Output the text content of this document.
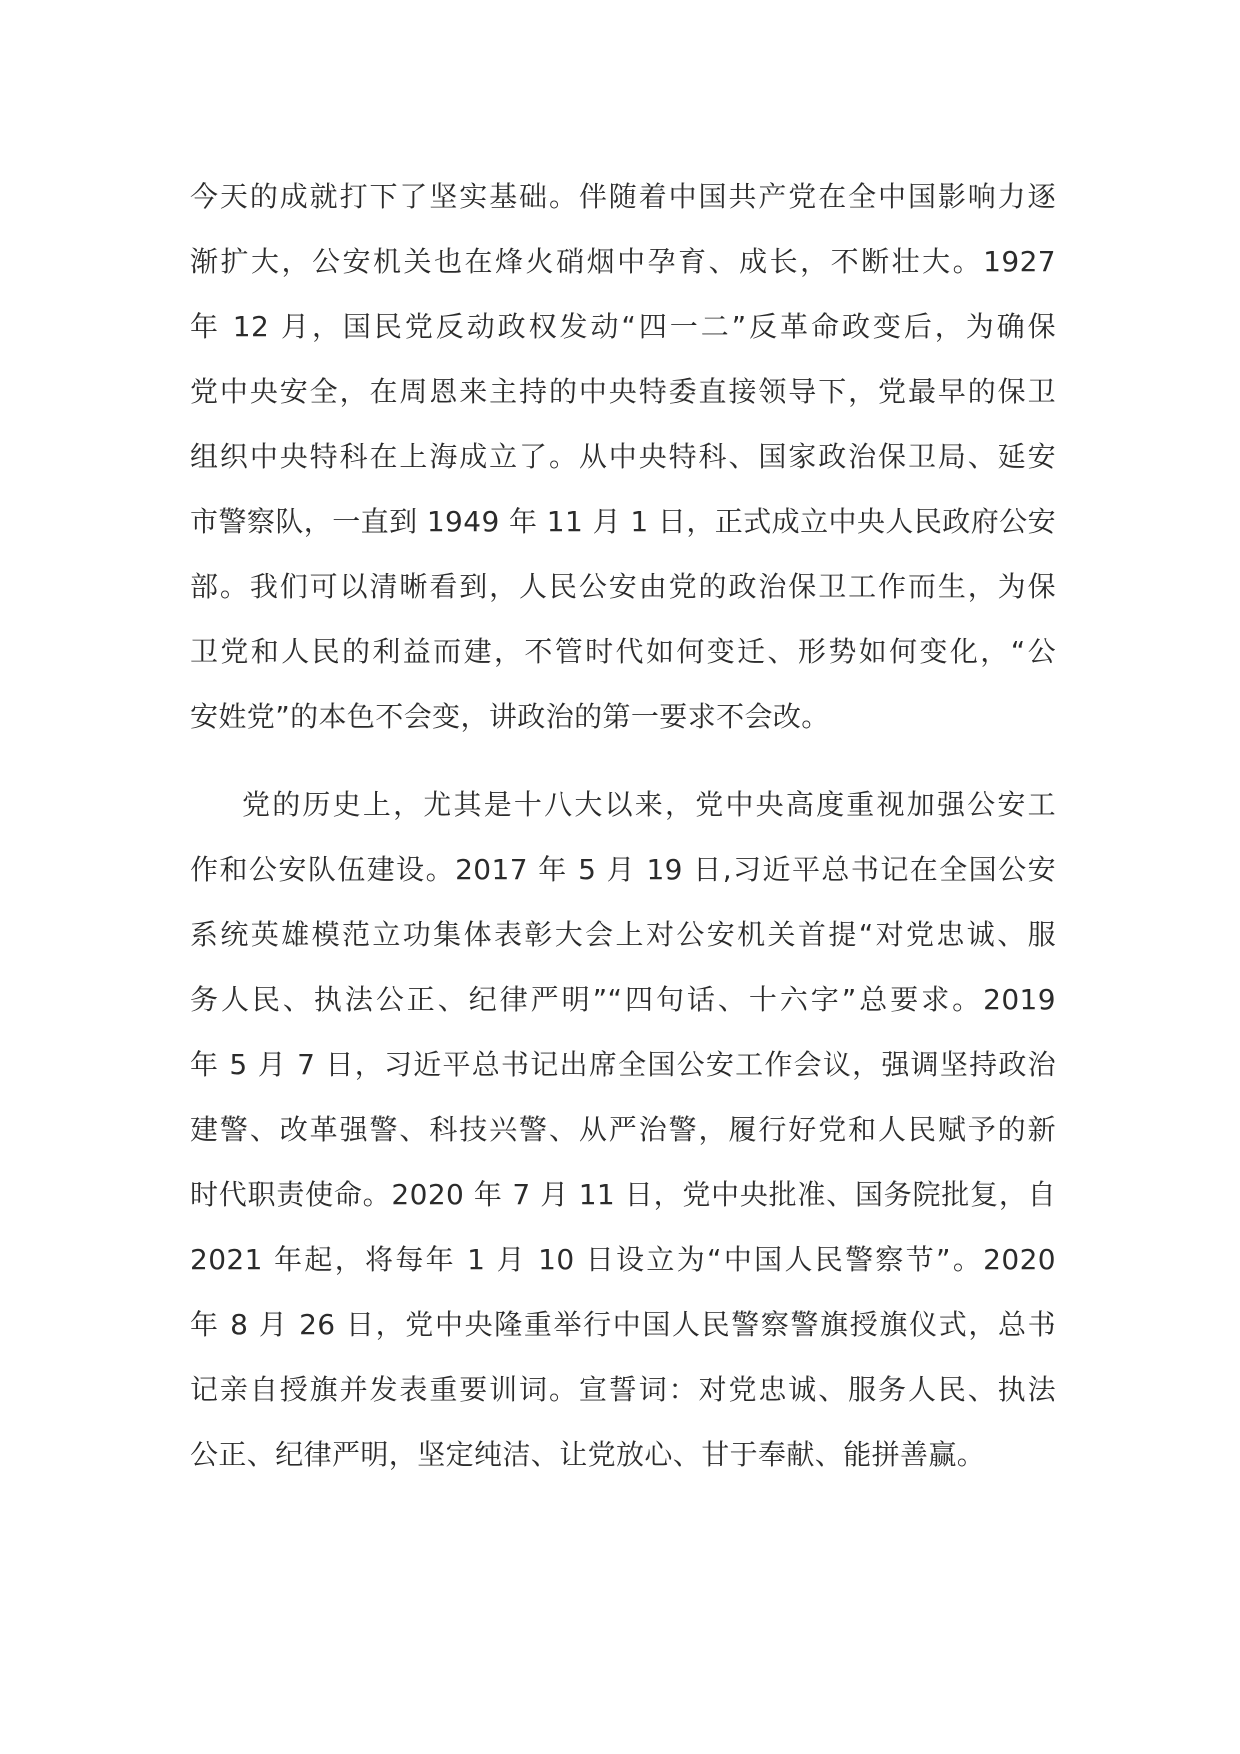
今天的成就打下了坚实基础。伴随着中国共产党在全中国影响力逐
渐扩大，公安机关也在烽火硝烟中孕育、成长，不断壮大。1927
年 12 月，国民党反动政权发动“四一二”反革命政变后，为确保
党中央安全，在周恩来主持的中央特委直接领导下，党最早的保卫
组织中央特科在上海成立了。从中央特科、国家政治保卫局、延安
市警察队，一直到 1949 年 11 月 1 日，正式成立中央人民政府公安
部。我们可以清晰看到，人民公安由党的政治保卫工作而生，为保
卫党和人民的利益而建，不管时代如何变迁、形势如何变化，“公
安姓党”的本色不会变，讲政治的第一要求不会改。
党的历史上，尤其是十八大以来，党中央高度重视加强公安工
作和公安队伍建设。2017 年 5 月 19 日,习近平总书记在全国公安
系统英雄模范立功集体表彰大会上对公安机关首提“对党忠诚、服
务人民、执法公正、纪律严明”“四句话、十六字”总要求。2019
年 5 月 7 日，习近平总书记出席全国公安工作会议，强调坚持政治
建警、改革强警、科技兴警、从严治警，履行好党和人民赋予的新
时代职责使命。2020 年 7 月 11 日，党中央批准、国务院批复，自
2021 年起，将每年 1 月 10 日设立为“中国人民警察节”。2020
年 8 月 26 日，党中央隆重举行中国人民警察警旗授旗仪式，总书
记亲自授旗并发表重要训词。宣誓词：对党忠诚、服务人民、执法
公正、纪律严明，坚定纯洁、让党放心、甘于奉献、能拼善赢。
